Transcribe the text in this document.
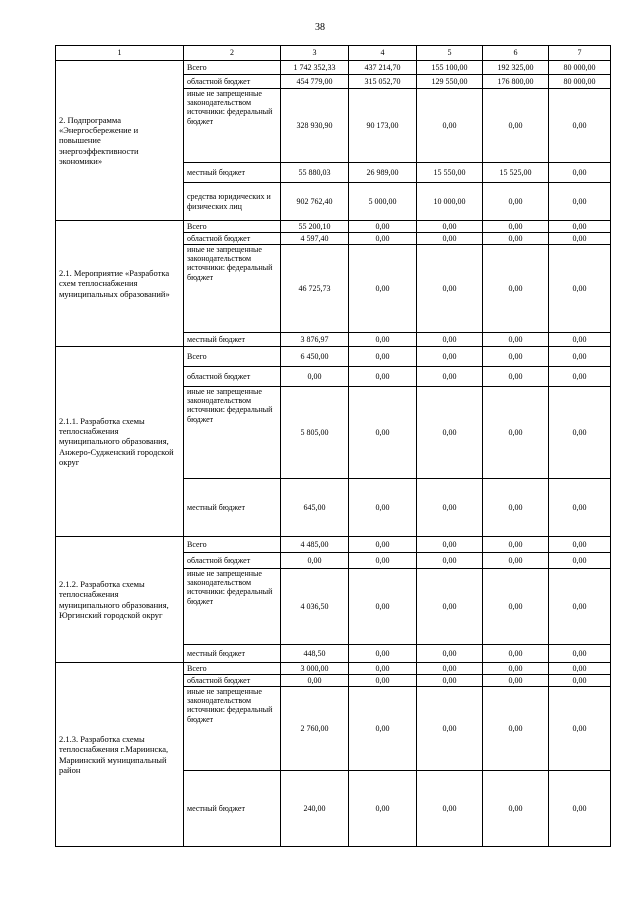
38
1	2	3	4	5	6	7
2. Подпрограмма «Энергосбережение и повышение энергоэффективности экономики»	Всего	1 742 352,33	437 214,70	155 100,00	192 325,00	80 000,00
	областной бюджет	454 779,00	315 052,70	129 550,00	176 800,00	80 000,00
	иные не запрещенные законодательством источники: федеральный бюджет	328 930,90	90 173,00	0,00	0,00	0,00
	местный бюджет	55 880,03	26 989,00	15 550,00	15 525,00	0,00
	средства юридических и физических лиц	902 762,40	5 000,00	10 000,00	0,00	0,00
2.1. Мероприятие «Разработка схем теплоснабжения муниципальных образований»	Всего	55 200,10	0,00	0,00	0,00	0,00
	областной бюджет	4 597,40	0,00	0,00	0,00	0,00
	иные не запрещенные законодательством источники: федеральный бюджет	46 725,73	0,00	0,00	0,00	0,00
	местный бюджет	3 876,97	0,00	0,00	0,00	0,00
2.1.1. Разработка схемы теплоснабжения муниципального образования, Анжеро-Судженский городской округ	Всего	6 450,00	0,00	0,00	0,00	0,00
	областной бюджет	0,00	0,00	0,00	0,00	0,00
	иные не запрещенные законодательством источники: федеральный бюджет	5 805,00	0,00	0,00	0,00	0,00
	местный бюджет	645,00	0,00	0,00	0,00	0,00
2.1.2. Разработка схемы теплоснабжения муниципального образования, Юргинский городской округ	Всего	4 485,00	0,00	0,00	0,00	0,00
	областной бюджет	0,00	0,00	0,00	0,00	0,00
	иные не запрещенные законодательством источники: федеральный бюджет	4 036,50	0,00	0,00	0,00	0,00
	местный бюджет	448,50	0,00	0,00	0,00	0,00
2.1.3. Разработка схемы теплоснабжения г.Мариинска, Мариинский муниципальный район	Всего	3 000,00	0,00	0,00	0,00	0,00
	областной бюджет	0,00	0,00	0,00	0,00	0,00
	иные не запрещенные законодательством источники: федеральный бюджет	2 760,00	0,00	0,00	0,00	0,00
	местный бюджет	240,00	0,00	0,00	0,00	0,00
